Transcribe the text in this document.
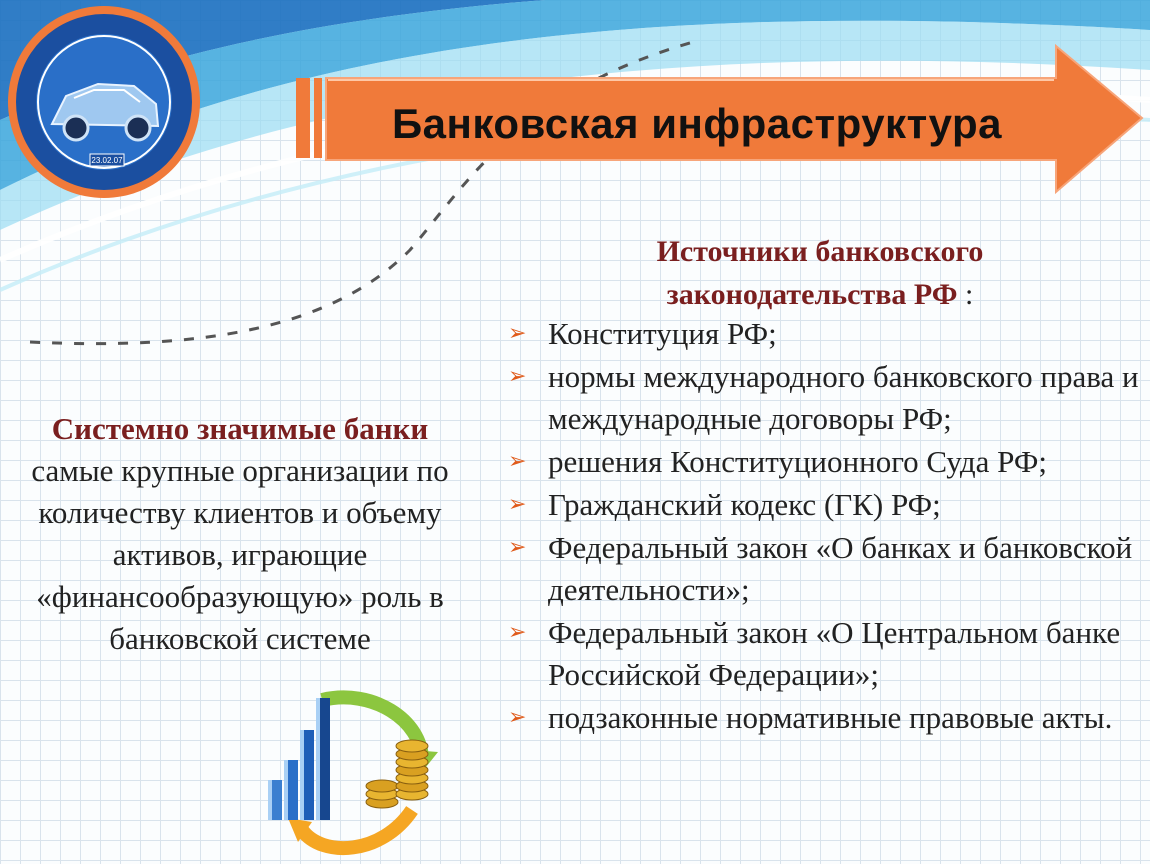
23.02.07
Банковская инфраструктура
Системно значимые банки
самые крупные организации по количеству клиентов и объему активов, играющие «финансообразующую» роль в банковской системе
Источники банковского законодательства РФ :
➢ Конституция РФ;
➢ нормы международного банковского права и международные договоры РФ;
➢ решения Конституционного Суда РФ;
➢ Гражданский кодекс (ГК) РФ;
➢ Федеральный закон «О банках и банковской деятельности»;
➢ Федеральный закон «О Центральном банке Российской Федерации»;
➢ подзаконные нормативные правовые акты.
